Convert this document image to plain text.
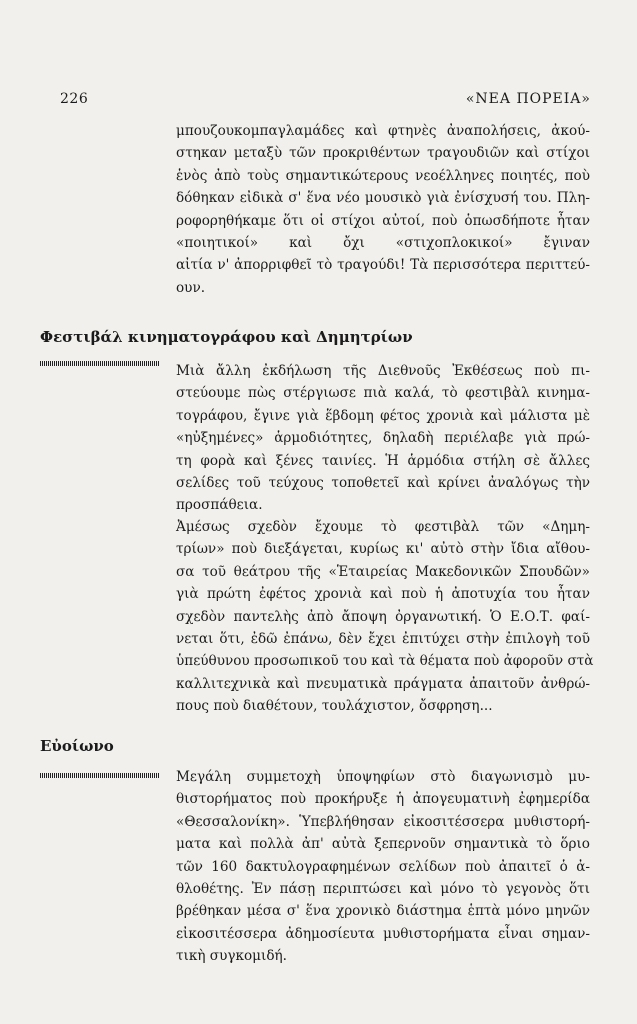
226	«ΝΕΑ ΠΟΡΕΙΑ»
μπουζουκομπαγλαμάδες καὶ φτηνὲς ἀναπολήσεις, ἀκού-
στηκαν μεταξὺ τῶν προκριθέντων τραγουδιῶν καὶ στίχοι
ἑνὸς ἀπὸ τοὺς σημαντικώτερους νεοέλληνες ποιητές, ποὺ
δόθηκαν εἰδικὰ σ' ἕνα νέο μουσικὸ γιὰ ἐνίσχυσή του. Πλη-
ροφορηθήκαμε ὅτι οἱ στίχοι αὐτοί, ποὺ ὁπωσδήποτε ἦταν
«ποιητικοί» καὶ ὄχι «στιχοπλοκικοί» ἔγιναν
αἰτία ν' ἀπορριφθεῖ τὸ τραγούδι! Τὰ περισσότερα περιττεύ-
ουν.
Φεστιβάλ κινηματογράφου καὶ Δημητρίων
Μιὰ ἄλλη ἐκδήλωση τῆς Διεθνοῦς Ἐκθέσεως ποὺ πι-
στεύουμε πὼς στέργιωσε πιὰ καλά, τὸ φεστιβὰλ κινημα-
τογράφου, ἔγινε γιὰ ἕβδομη φέτος χρονιὰ καὶ μάλιστα μὲ
«ηὐξημένες» ἁρμοδιότητες, δηλαδὴ περιέλαβε γιὰ πρώ-
τη φορὰ καὶ ξένες ταινίες. Ἡ ἁρμόδια στήλη σὲ ἄλλες
σελίδες τοῦ τεύχους τοποθετεῖ καὶ κρίνει ἀναλόγως τὴν
προσπάθεια.
Ἀμέσως σχεδὸν ἔχουμε τὸ φεστιβὰλ τῶν «Δημη-
τρίων» ποὺ διεξάγεται, κυρίως κι' αὐτὸ στὴν ἴδια αἴθου-
σα τοῦ θεάτρου τῆς «Ἑταιρείας Μακεδονικῶν Σπουδῶν»
γιὰ πρώτη ἐφέτος χρονιὰ καὶ ποὺ ἡ ἀποτυχία του ἦταν
σχεδὸν παντελὴς ἀπὸ ἄποψη ὀργανωτική. Ὁ Ε.Ο.Τ. φαί-
νεται ὅτι, ἐδῶ ἐπάνω, δὲν ἔχει ἐπιτύχει στὴν ἐπιλογὴ τοῦ
ὑπεύθυνου προσωπικοῦ του καὶ τὰ θέματα ποὺ ἀφοροῦν στὰ
καλλιτεχνικὰ καὶ πνευματικὰ πράγματα ἀπαιτοῦν ἀνθρώ-
πους ποὺ διαθέτουν, τουλάχιστον, ὄσφρηση...
Εὐοίωνο
Μεγάλη συμμετοχὴ ὑποψηφίων στὸ διαγωνισμὸ μυ-
θιστορήματος ποὺ προκήρυξε ἡ ἀπογευματινὴ ἐφημερίδα
«Θεσσαλονίκη». Ὑπεβλήθησαν εἰκοσιτέσσερα μυθιστορή-
ματα καὶ πολλὰ ἀπ' αὐτὰ ξεπερνοῦν σημαντικὰ τὸ ὅριο
τῶν 160 δακτυλογραφημένων σελίδων ποὺ ἀπαιτεῖ ὁ ἀ-
θλοθέτης. Ἐν πάσῃ περιπτώσει καὶ μόνο τὸ γεγονὸς ὅτι
βρέθηκαν μέσα σ' ἕνα χρονικὸ διάστημα ἑπτὰ μόνο μηνῶν
εἰκοσιτέσσερα ἀδημοσίευτα μυθιστορήματα εἶναι σημαν-
τικὴ συγκομιδή.
